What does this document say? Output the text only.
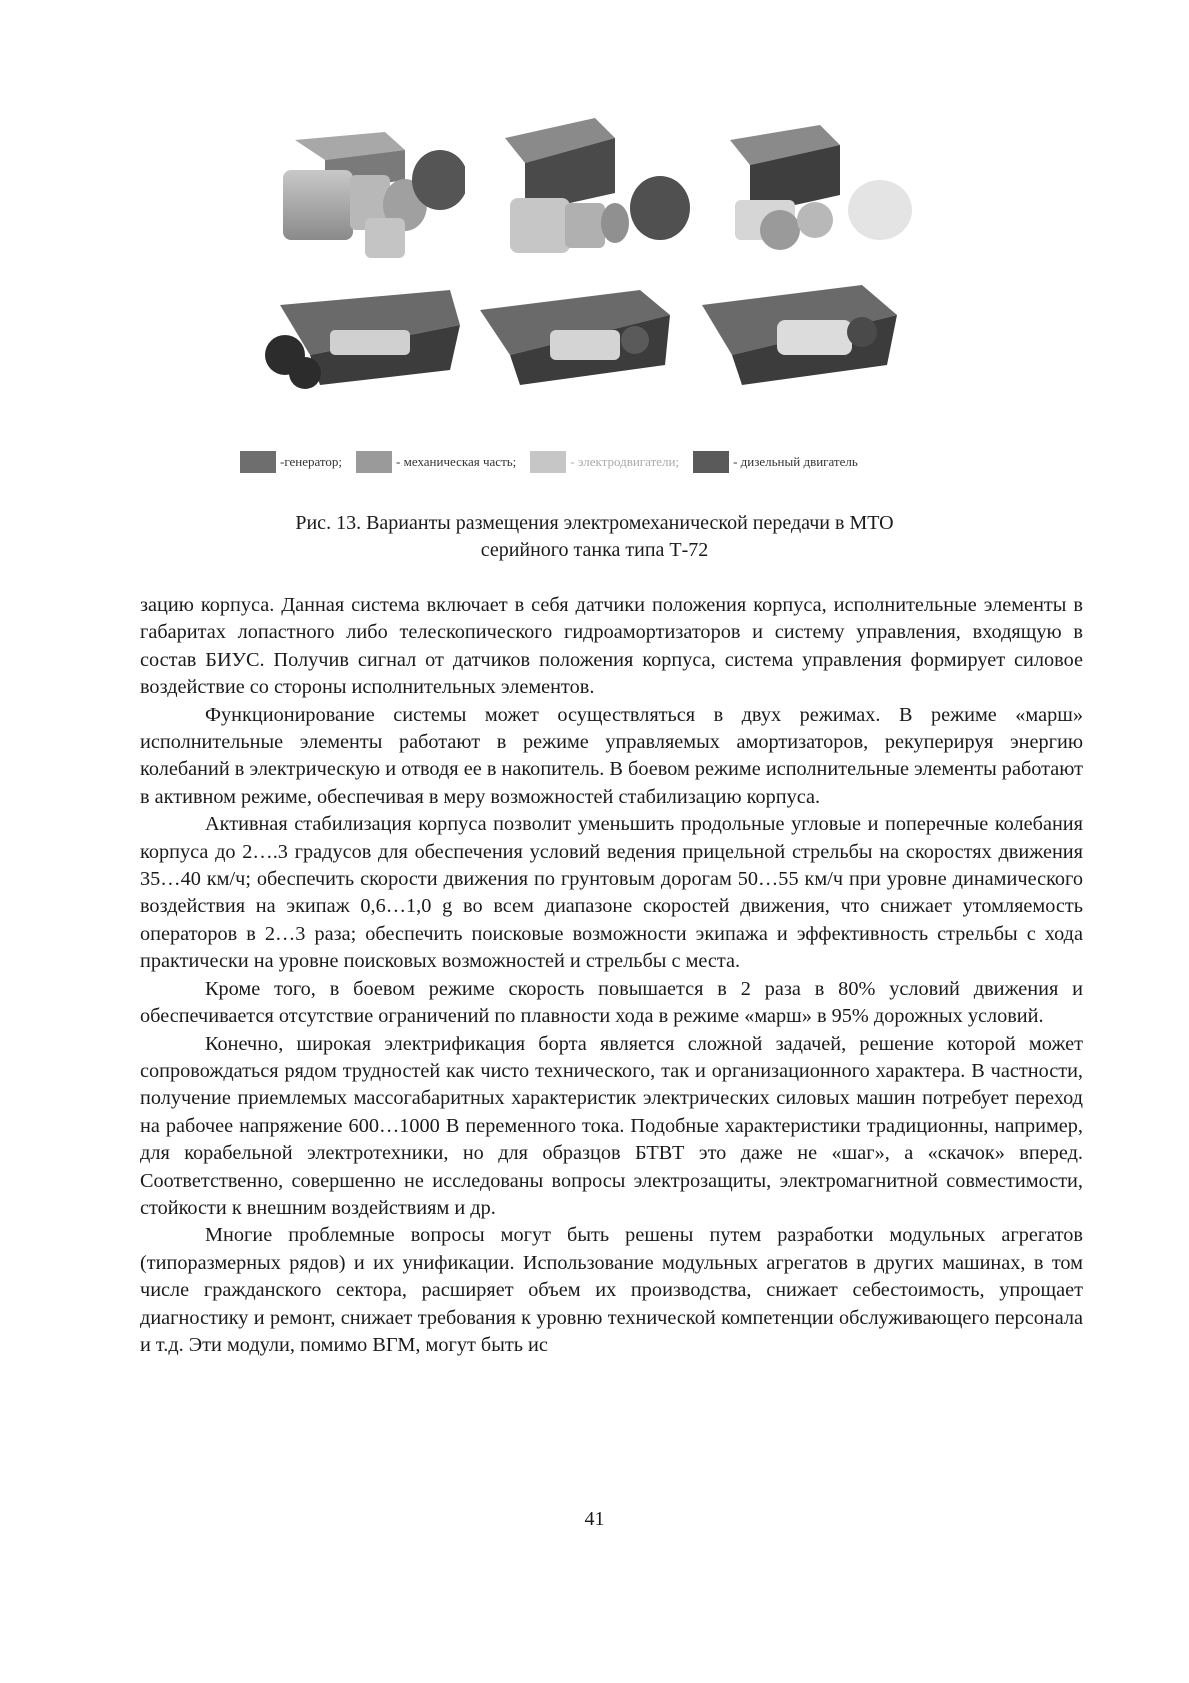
-генератор;	- механическая часть;	- электродвигатели;	- дизельный двигатель
Рис. 13. Варианты размещения электромеханической передачи в МТО
серийного танка типа Т-72

зацию корпуса. Данная система включает в себя датчики положения корпуса, исполнительные элементы в габаритах лопастного либо телескопического гидроамортизаторов и систему управления, входящую в состав БИУС. Получив сигнал от датчиков положения корпуса, система управления формирует силовое воздействие со стороны исполнительных элементов.

Функционирование системы может осуществляться в двух режимах. В режиме «марш» исполнительные элементы работают в режиме управляемых амортизаторов, рекуперируя энергию колебаний в электрическую и отводя ее в накопитель. В боевом режиме исполнительные элементы работают в активном режиме, обеспечивая в меру возможностей стабилизацию корпуса.

Активная стабилизация корпуса позволит уменьшить продольные угловые и поперечные колебания корпуса до 2….3 градусов для обеспечения условий ведения прицельной стрельбы на скоростях движения 35…40 км/ч; обеспечить скорости движения по грунтовым дорогам 50…55 км/ч при уровне динамического воздействия на экипаж 0,6…1,0 g во всем диапазоне скоростей движения, что снижает утомляемость операторов в 2…3 раза; обеспечить поисковые возможности экипажа и эффективность стрельбы с хода практически на уровне поисковых возможностей и стрельбы с места.

Кроме того, в боевом режиме скорость повышается в 2 раза в 80% условий движения и обеспечивается отсутствие ограничений по плавности хода в режиме «марш» в 95% дорожных условий.

Конечно, широкая электрификация борта является сложной задачей, решение которой может сопровождаться рядом трудностей как чисто технического, так и организационного характера. В частности, получение приемлемых массогабаритных характеристик электрических силовых машин потребует переход на рабочее напряжение 600…1000 В переменного тока. Подобные характеристики традиционны, например, для корабельной электротехники, но для образцов БТВТ это даже не «шаг», а «скачок» вперед. Соответственно, совершенно не исследованы вопросы электрозащиты, электромагнитной совместимости, стойкости к внешним воздействиям и др.

Многие проблемные вопросы могут быть решены путем разработки модульных агрегатов (типоразмерных рядов) и их унификации. Использование модульных агрегатов в других машинах, в том числе гражданского сектора, расширяет объем их производства, снижает себестоимость, упрощает диагностику и ремонт, снижает требования к уровню технической компетенции обслуживающего персонала и т.д. Эти модули, помимо ВГМ, могут быть ис

41
